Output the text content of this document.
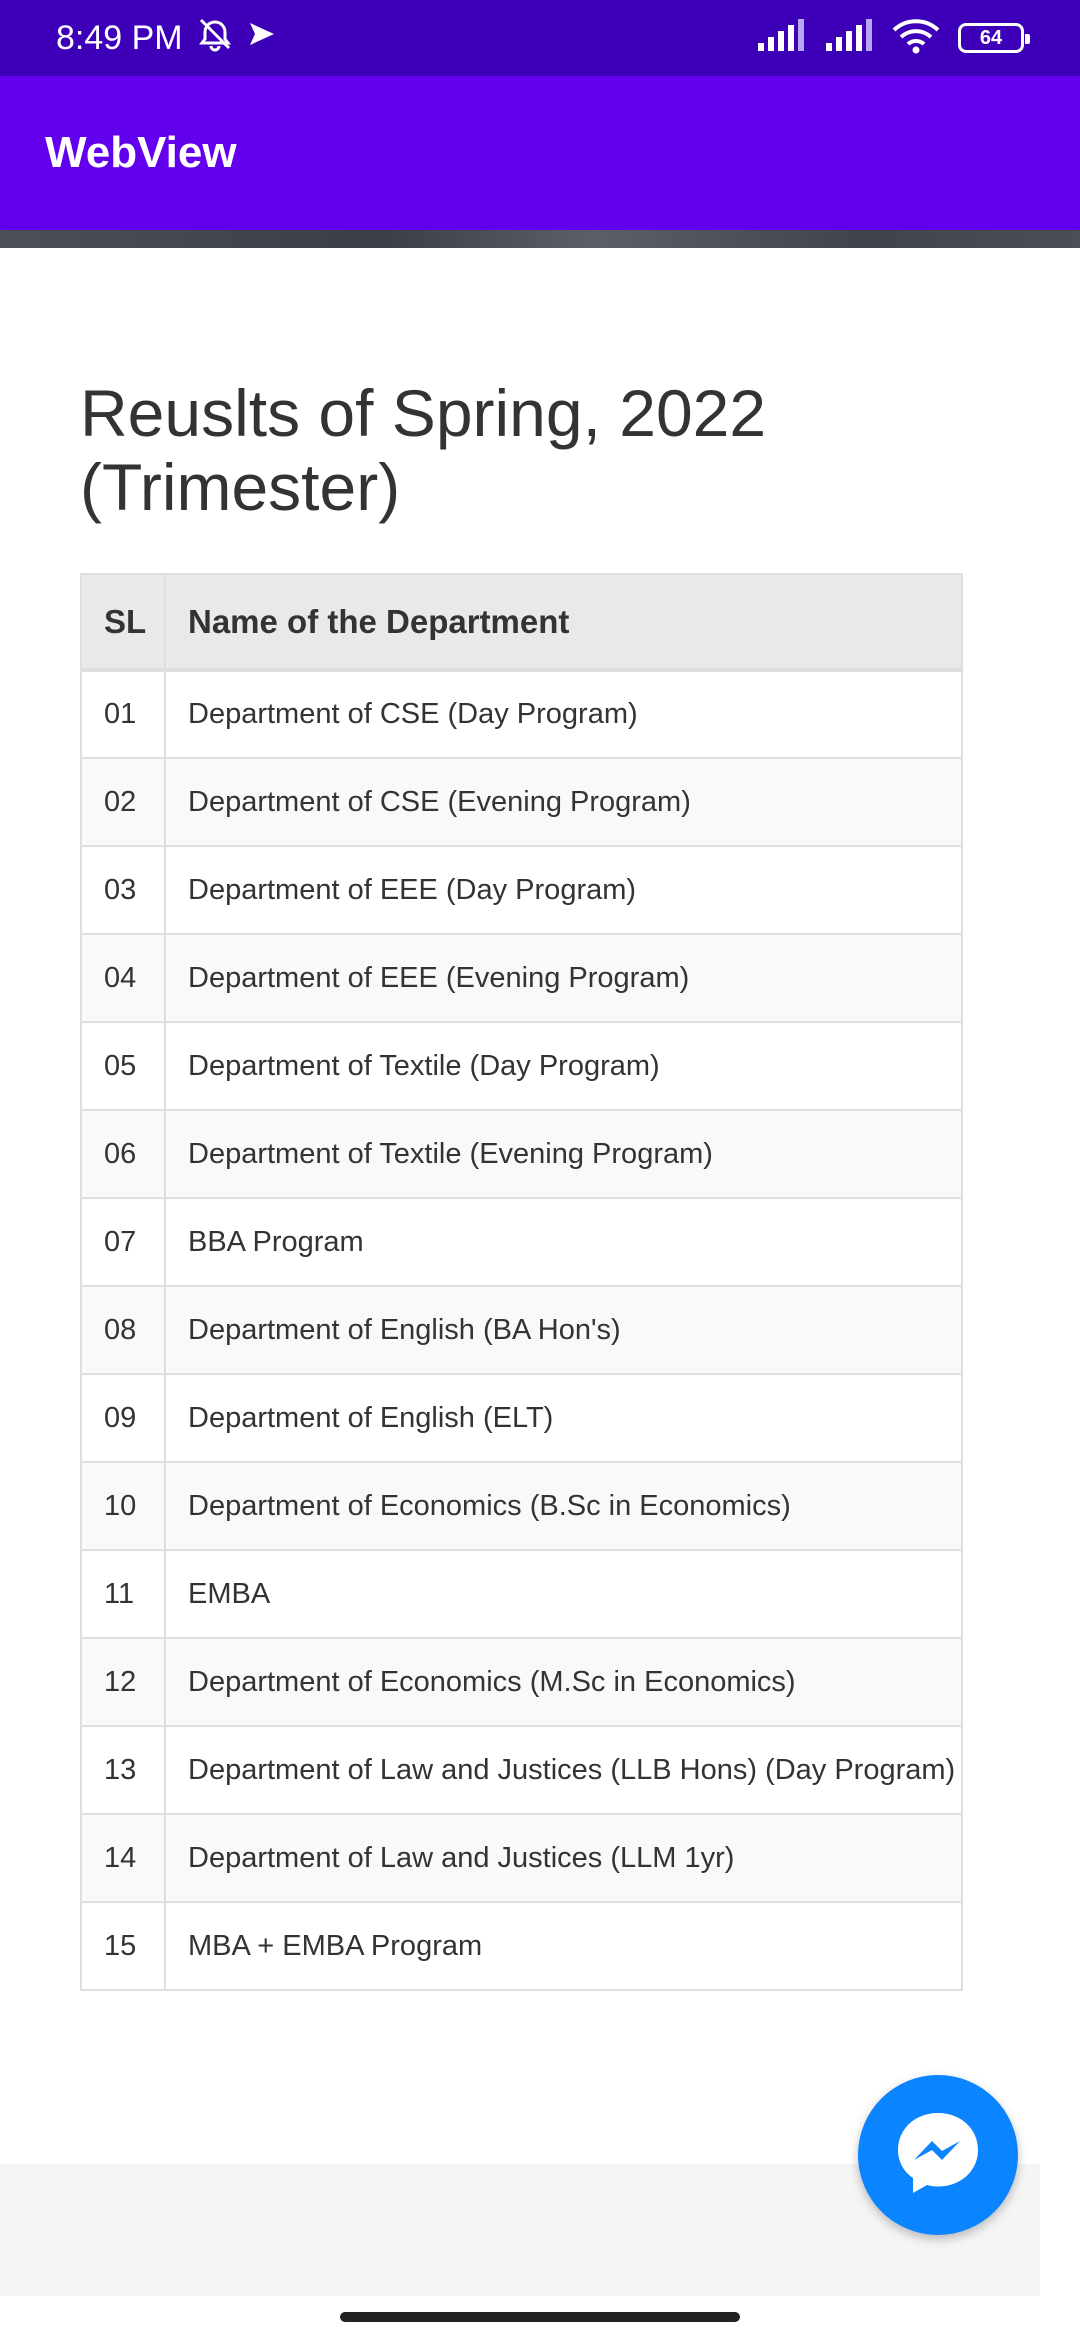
8:49 PM	64
WebView
Reuslts of Spring, 2022 (Trimester)
SL	Name of the Department
01	Department of CSE (Day Program)
02	Department of CSE (Evening Program)
03	Department of EEE (Day Program)
04	Department of EEE (Evening Program)
05	Department of Textile (Day Program)
06	Department of Textile (Evening Program)
07	BBA Program
08	Department of English (BA Hon's)
09	Department of English (ELT)
10	Department of Economics (B.Sc in Economics)
11	EMBA
12	Department of Economics (M.Sc in Economics)
13	Department of Law and Justices (LLB Hons) (Day Program)
14	Department of Law and Justices (LLM 1yr)
15	MBA + EMBA Program
